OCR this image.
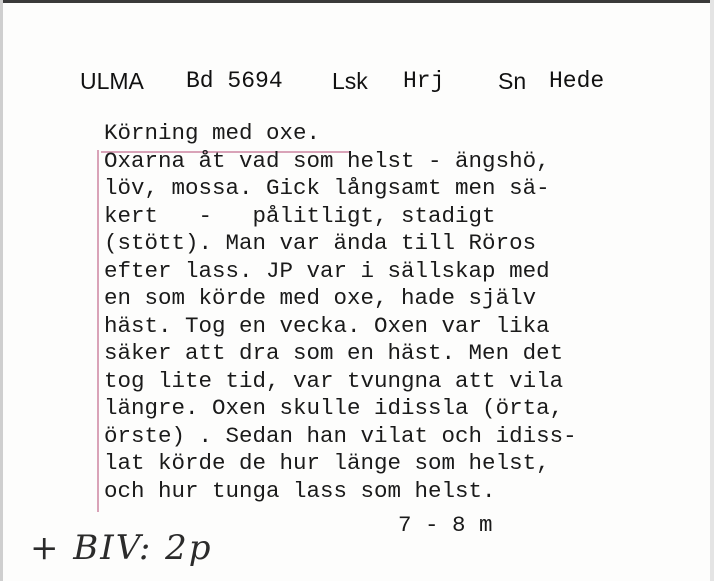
ULMA Bd 5694 Lsk Hrj Sn Hede
Körning med oxe.
Oxarna åt vad som helst - ängshö,
löv, mossa. Gick långsamt men sä-
kert   -   pålitligt, stadigt
(stött). Man var ända till Röros
efter lass. JP var i sällskap med
en som körde med oxe, hade själv
häst. Tog en vecka. Oxen var lika
säker att dra som en häst. Men det
tog lite tid, var tvungna att vila
längre. Oxen skulle idissla (örta,
örste) . Sedan han vilat och idiss-
lat körde de hur länge som helst,
och hur tunga lass som helst.
7 - 8 m
+ BIV: 2p
